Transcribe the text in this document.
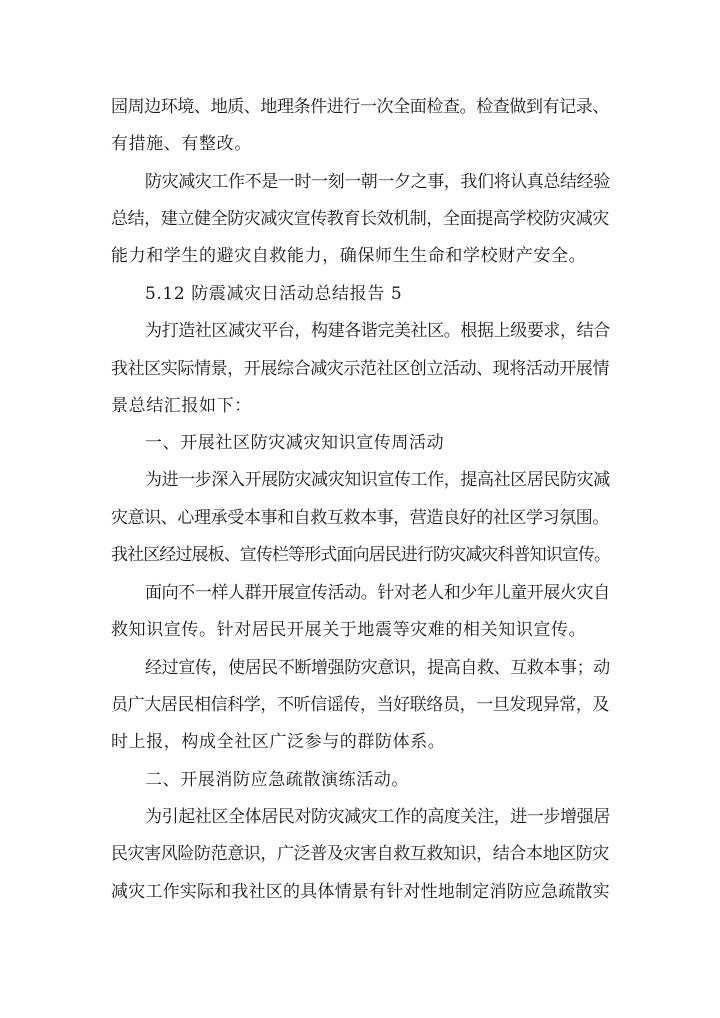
园周边环境、地质、地理条件进行一次全面检查。检查做到有记录、
有措施、有整改。
防灾减灾工作不是一时一刻一朝一夕之事，我们将认真总结经验
总结，建立健全防灾减灾宣传教育长效机制，全面提高学校防灾减灾
能力和学生的避灾自救能力，确保师生生命和学校财产安全。
5.12 防震减灾日活动总结报告 5
为打造社区减灾平台，构建各谐完美社区。根据上级要求，结合
我社区实际情景，开展综合减灾示范社区创立活动、现将活动开展情
景总结汇报如下：
一、开展社区防灾减灾知识宣传周活动
为进一步深入开展防灾减灾知识宣传工作，提高社区居民防灾减
灾意识、心理承受本事和自救互救本事，营造良好的社区学习氛围。
我社区经过展板、宣传栏等形式面向居民进行防灾减灾科普知识宣传。
面向不一样人群开展宣传活动。针对老人和少年儿童开展火灾自
救知识宣传。针对居民开展关于地震等灾难的相关知识宣传。
经过宣传，使居民不断增强防灾意识，提高自救、互救本事；动
员广大居民相信科学，不听信谣传，当好联络员，一旦发现异常，及
时上报，构成全社区广泛参与的群防体系。
二、开展消防应急疏散演练活动。
为引起社区全体居民对防灾减灾工作的高度关注，进一步增强居
民灾害风险防范意识，广泛普及灾害自救互救知识，结合本地区防灾
减灾工作实际和我社区的具体情景有针对性地制定消防应急疏散实
